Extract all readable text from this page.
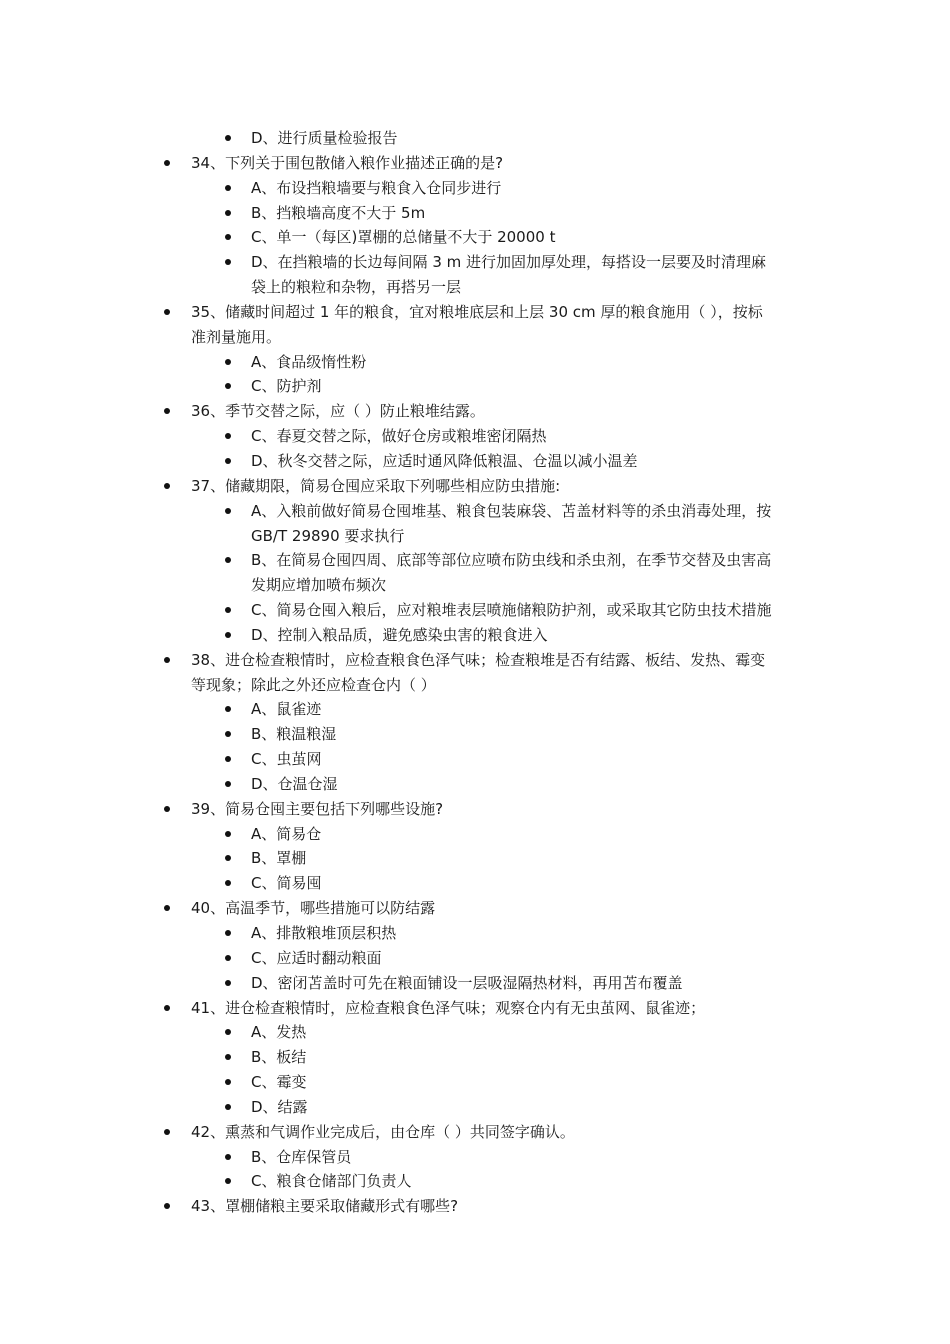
D、进行质量检验报告
34、下列关于围包散储入粮作业描述正确的是?
A、布设挡粮墙要与粮食入仓同步进行
B、挡粮墙高度不大于 5m
C、单一（每区)罩棚的总储量不大于 20000 t
D、在挡粮墙的长边每间隔 3 m 进行加固加厚处理，每搭设一层要及时清理麻
袋上的粮粒和杂物，再搭另一层
35、储藏时间超过 1 年的粮食，宜对粮堆底层和上层 30 cm 厚的粮食施用（ ），按标
准剂量施用。
A、食品级惰性粉
C、防护剂
36、季节交替之际，应（ ）防止粮堆结露。
C、春夏交替之际，做好仓房或粮堆密闭隔热
D、秋冬交替之际，应适时通风降低粮温、仓温以减小温差
37、储藏期限，简易仓囤应采取下列哪些相应防虫措施:
A、入粮前做好简易仓囤堆基、粮食包装麻袋、苫盖材料等的杀虫消毒处理，按
GB/T 29890 要求执行
B、在简易仓囤四周、底部等部位应喷布防虫线和杀虫剂，在季节交替及虫害高
发期应增加喷布频次
C、简易仓囤入粮后，应对粮堆表层喷施储粮防护剂，或采取其它防虫技术措施
D、控制入粮品质，避免感染虫害的粮食进入
38、进仓检查粮情时，应检查粮食色泽气味；检查粮堆是否有结露、板结、发热、霉变
等现象；除此之外还应检查仓内（ ）
A、鼠雀迹
B、粮温粮湿
C、虫茧网
D、仓温仓湿
39、简易仓囤主要包括下列哪些设施?
A、简易仓
B、罩棚
C、简易囤
40、高温季节，哪些措施可以防结露
A、排散粮堆顶层积热
C、应适时翻动粮面
D、密闭苫盖时可先在粮面铺设一层吸湿隔热材料，再用苫布覆盖
41、进仓检查粮情时，应检查粮食色泽气味；观察仓内有无虫茧网、鼠雀迹；
A、发热
B、板结
C、霉变
D、结露
42、熏蒸和气调作业完成后，由仓库（ ）共同签字确认。
B、仓库保管员
C、粮食仓储部门负责人
43、罩棚储粮主要采取储藏形式有哪些?
